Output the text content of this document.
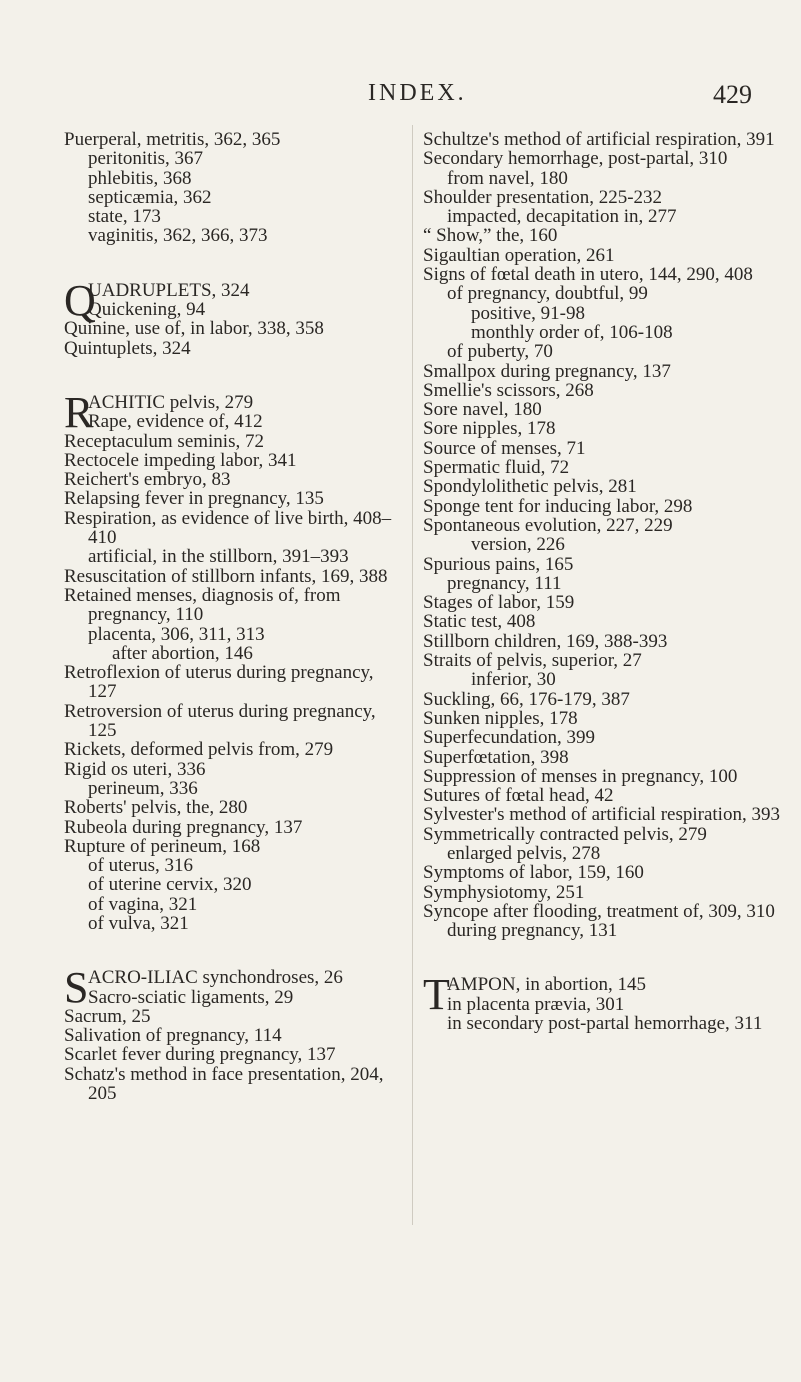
INDEX.	429
Puerperal, metritis, 362, 365
peritonitis, 367
phlebitis, 368
septicæmia, 362
state, 173
vaginitis, 362, 366, 373
Q
UADRUPLETS, 324
Quickening, 94
Quinine, use of, in labor, 338, 358
Quintuplets, 324
R
ACHITIC pelvis, 279
Rape, evidence of, 412
Receptaculum seminis, 72
Rectocele impeding labor, 341
Reichert's embryo, 83
Relapsing fever in pregnancy, 135
Respiration, as evidence of live birth, 408–410
artificial, in the stillborn, 391–393
Resuscitation of stillborn infants, 169, 388
Retained menses, diagnosis of, from pregnancy, 110
placenta, 306, 311, 313
after abortion, 146
Retroflexion of uterus during pregnancy, 127
Retroversion of uterus during pregnancy, 125
Rickets, deformed pelvis from, 279
Rigid os uteri, 336
perineum, 336
Roberts' pelvis, the, 280
Rubeola during pregnancy, 137
Rupture of perineum, 168
of uterus, 316
of uterine cervix, 320
of vagina, 321
of vulva, 321
S ACRO-ILIAC synchondroses, 26
Sacro-sciatic ligaments, 29
Sacrum, 25
Salivation of pregnancy, 114
Scarlet fever during pregnancy, 137
Schatz's method in face presentation, 204, 205
Schultze's method of artificial respiration, 391
Secondary hemorrhage, post-partal, 310
from navel, 180
Shoulder presentation, 225-232
impacted, decapitation in, 277
“ Show,” the, 160
Sigaultian operation, 261
Signs of fœtal death in utero, 144, 290, 408
of pregnancy, doubtful, 99
positive, 91-98
monthly order of, 106-108
of puberty, 70
Smallpox during pregnancy, 137
Smellie's scissors, 268
Sore navel, 180
Sore nipples, 178
Source of menses, 71
Spermatic fluid, 72
Spondylolithetic pelvis, 281
Sponge tent for inducing labor, 298
Spontaneous evolution, 227, 229
version, 226
Spurious pains, 165
pregnancy, 111
Stages of labor, 159
Static test, 408
Stillborn children, 169, 388-393
Straits of pelvis, superior, 27
inferior, 30
Suckling, 66, 176-179, 387
Sunken nipples, 178
Superfecundation, 399
Superfœtation, 398
Suppression of menses in pregnancy, 100
Sutures of fœtal head, 42
Sylvester's method of artificial respiration, 393
Symmetrically contracted pelvis, 279
enlarged pelvis, 278
Symptoms of labor, 159, 160
Symphysiotomy, 251
Syncope after flooding, treatment of, 309, 310
during pregnancy, 131
T
AMPON, in abortion, 145
in placenta prævia, 301
in secondary post-partal hemorrhage, 311
